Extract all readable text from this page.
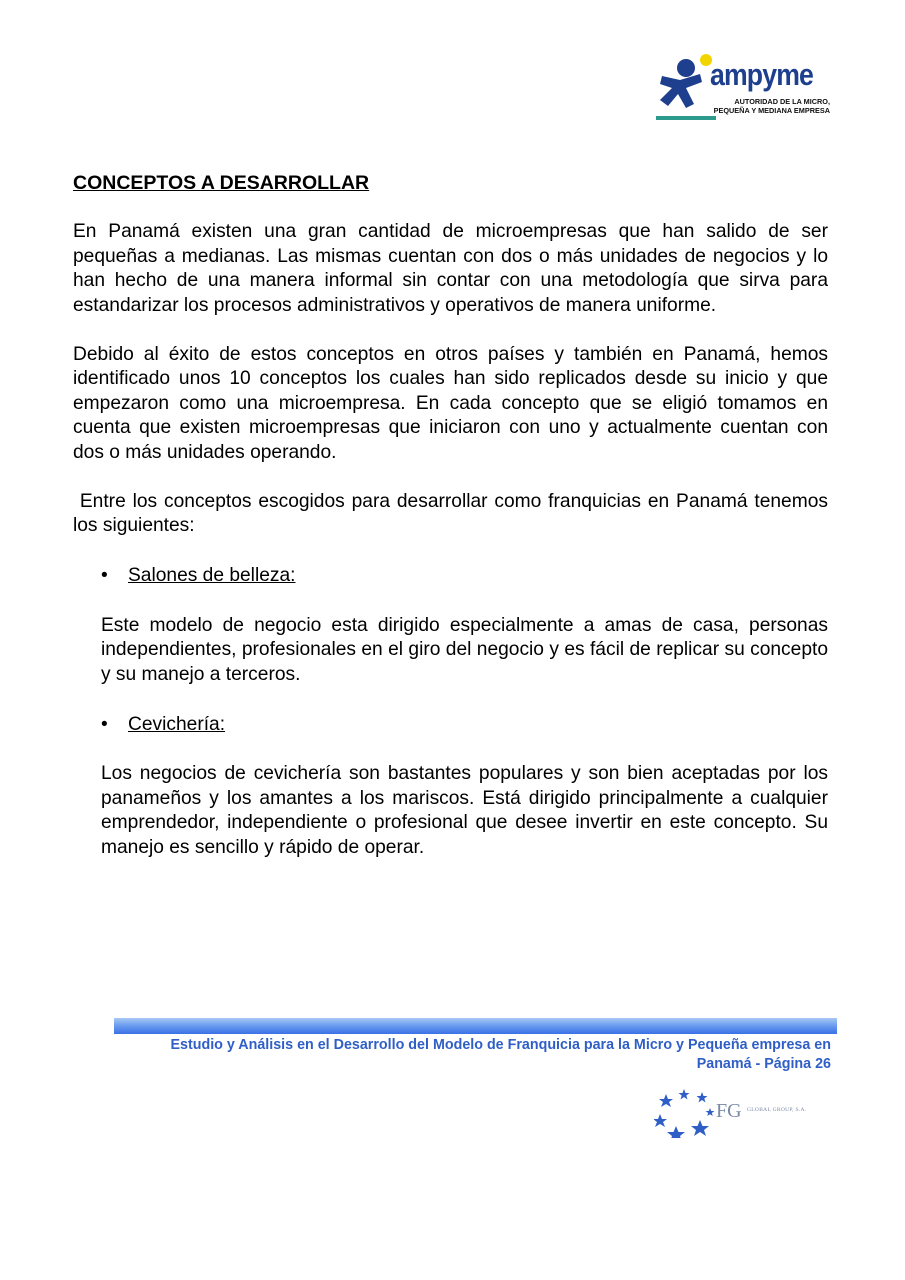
ampyme
AUTORIDAD DE LA MICRO,
PEQUEÑA Y MEDIANA EMPRESA
CONCEPTOS A DESARROLLAR

En Panamá existen una gran cantidad de microempresas que han salido de ser pequeñas a medianas. Las mismas cuentan con dos o más unidades de negocios y lo han hecho de una manera informal sin contar con una metodología que sirva para estandarizar los procesos administrativos y operativos de manera uniforme.

Debido al éxito de estos conceptos en otros países y también en Panamá, hemos identificado unos 10 conceptos los cuales han sido replicados desde su inicio y que empezaron como una microempresa. En cada concepto que se eligió tomamos en cuenta que existen microempresas que iniciaron con uno y actualmente cuentan con dos o más unidades operando.

Entre los conceptos escogidos para desarrollar como franquicias en Panamá tenemos los siguientes:

• Salones de belleza:

Este modelo de negocio esta dirigido especialmente a amas de casa, personas independientes, profesionales en el giro del negocio y es fácil de replicar su concepto y su manejo a terceros.

• Cevichería:

Los negocios de cevichería son bastantes populares y son bien aceptadas por los panameños y los amantes a los mariscos. Está dirigido principalmente a cualquier emprendedor, independiente o profesional que desee invertir en este concepto. Su manejo es sencillo y rápido de operar.

Estudio y Análisis en el Desarrollo del Modelo de Franquicia para la Micro y Pequeña empresa en
Panamá - Página 26
FG GLOBAL GROUP, S.A.
